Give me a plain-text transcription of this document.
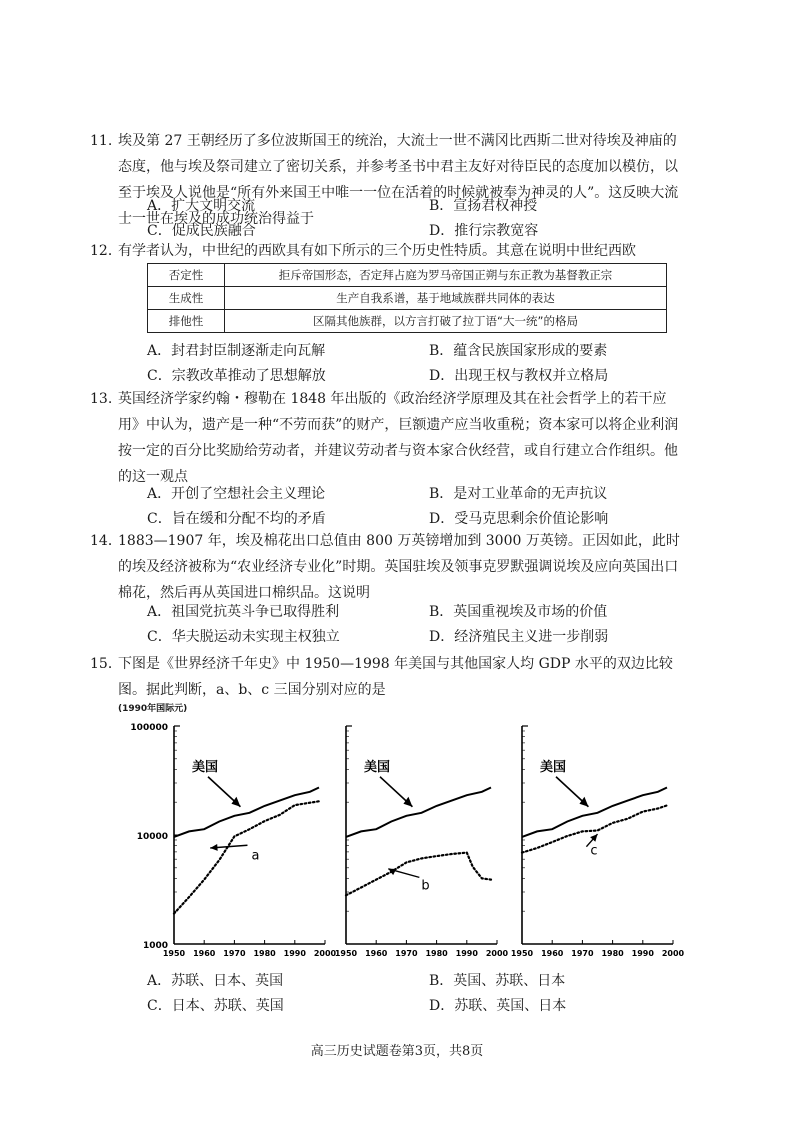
11. 埃及第 27 王朝经历了多位波斯国王的统治，大流士一世不满冈比西斯二世对待埃及神庙的态度，他与埃及祭司建立了密切关系，并参考圣书中君主友好对待臣民的态度加以模仿，以至于埃及人说他是“所有外来国王中唯一一位在活着的时候就被奉为神灵的人”。这反映大流士一世在埃及的成功统治得益于
A．扩大文明交流	B．宣扬君权神授
C．促成民族融合	D．推行宗教宽容
12．
有学者认为，中世纪的西欧具有如下所示的三个历史性特质。其意在说明中世纪西欧
否定性	拒斥帝国形态，否定拜占庭为罗马帝国正朔与东正教为基督教正宗
生成性	生产自我系谱，基于地域族群共同体的表达
排他性	区隔其他族群，以方言打破了拉丁语“大一统”的格局
A．封君封臣制逐渐走向瓦解	B．蕴含民族国家形成的要素
C．宗教改革推动了思想解放	D．出现王权与教权并立格局
13. 英国经济学家约翰・穆勒在 1848 年出版的《政治经济学原理及其在社会哲学上的若干应用》中认为，遗产是一种“不劳而获”的财产，巨额遗产应当收重税；资本家可以将企业利润按一定的百分比奖励给劳动者，并建议劳动者与资本家合伙经营，或自行建立合作组织。他的这一观点
A．开创了空想社会主义理论	B．是对工业革命的无声抗议
C．旨在缓和分配不均的矛盾	D．受马克思剩余价值论影响
14．
1883—1907 年，埃及棉花出口总值由 800 万英镑增加到 3000 万英镑。正因如此，此时的埃及经济被称为“农业经济专业化”时期。英国驻埃及领事克罗默强调说埃及应向英国出口棉花，然后再从英国进口棉织品。这说明
A．祖国党抗英斗争已取得胜利	B．英国重视埃及市场的价值
C．华夫脱运动未实现主权独立	D．经济殖民主义进一步削弱
15．
下图是《世界经济千年史》中 1950—1998 年美国与其他国家人均 GDP 水平的双边比较图。据此判断，a、b、c 三国分别对应的是
(1990年国际元)
1000
10000
100000
1950 1960 1970 1980 1990 2000
美国
a
1950 1960 1970 1980 1990 2000
美国
b
1950 1960 1970 1980 1990 2000
美国
c
A．苏联、日本、英国	B．英国、苏联、日本
C．日本、苏联、英国	D．苏联、英国、日本
高三历史试题卷第3页，共8页
